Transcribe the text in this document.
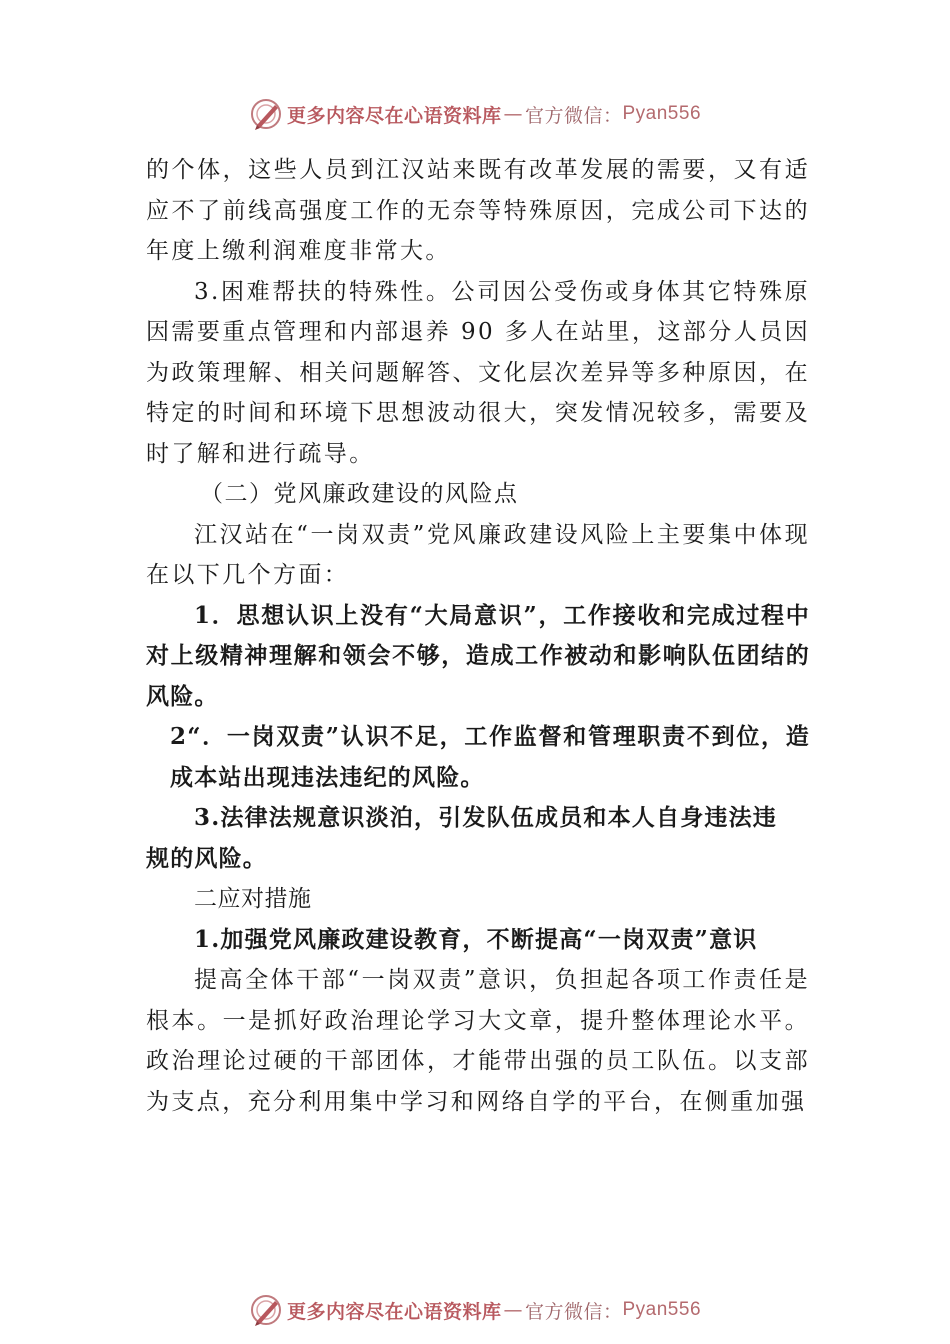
更多内容尽在心语资料库 — 官方微信： Pyan556

的个体，这些人员到江汉站来既有改革发展的需要，又有适应不了前线高强度工作的无奈等特殊原因，完成公司下达的年度上缴利润难度非常大。

3.困难帮扶的特殊性。公司因公受伤或身体其它特殊原因需要重点管理和内部退养 90 多人在站里，这部分人员因为政策理解、相关问题解答、文化层次差异等多种原因，在特定的时间和环境下思想波动很大，突发情况较多，需要及时了解和进行疏导。

（二）党风廉政建设的风险点

江汉站在“一岗双责”党风廉政建设风险上主要集中体现在以下几个方面：

1．思想认识上没有“大局意识”，工作接收和完成过程中对上级精神理解和领会不够，造成工作被动和影响队伍团结的风险。

2“．一岗双责”认识不足，工作监督和管理职责不到位，造成本站出现违法违纪的风险。

3.法律法规意识淡泊，引发队伍成员和本人自身违法违

规的风险。

二应对措施

1.加强党风廉政建设教育，不断提高“一岗双责”意识

提高全体干部“一岗双责”意识，负担起各项工作责任是根本。一是抓好政治理论学习大文章，提升整体理论水平。政治理论过硬的干部团体，才能带出强的员工队伍。以支部为支点，充分利用集中学习和网络自学的平台，在侧重加强

更多内容尽在心语资料库 — 官方微信： Pyan556
